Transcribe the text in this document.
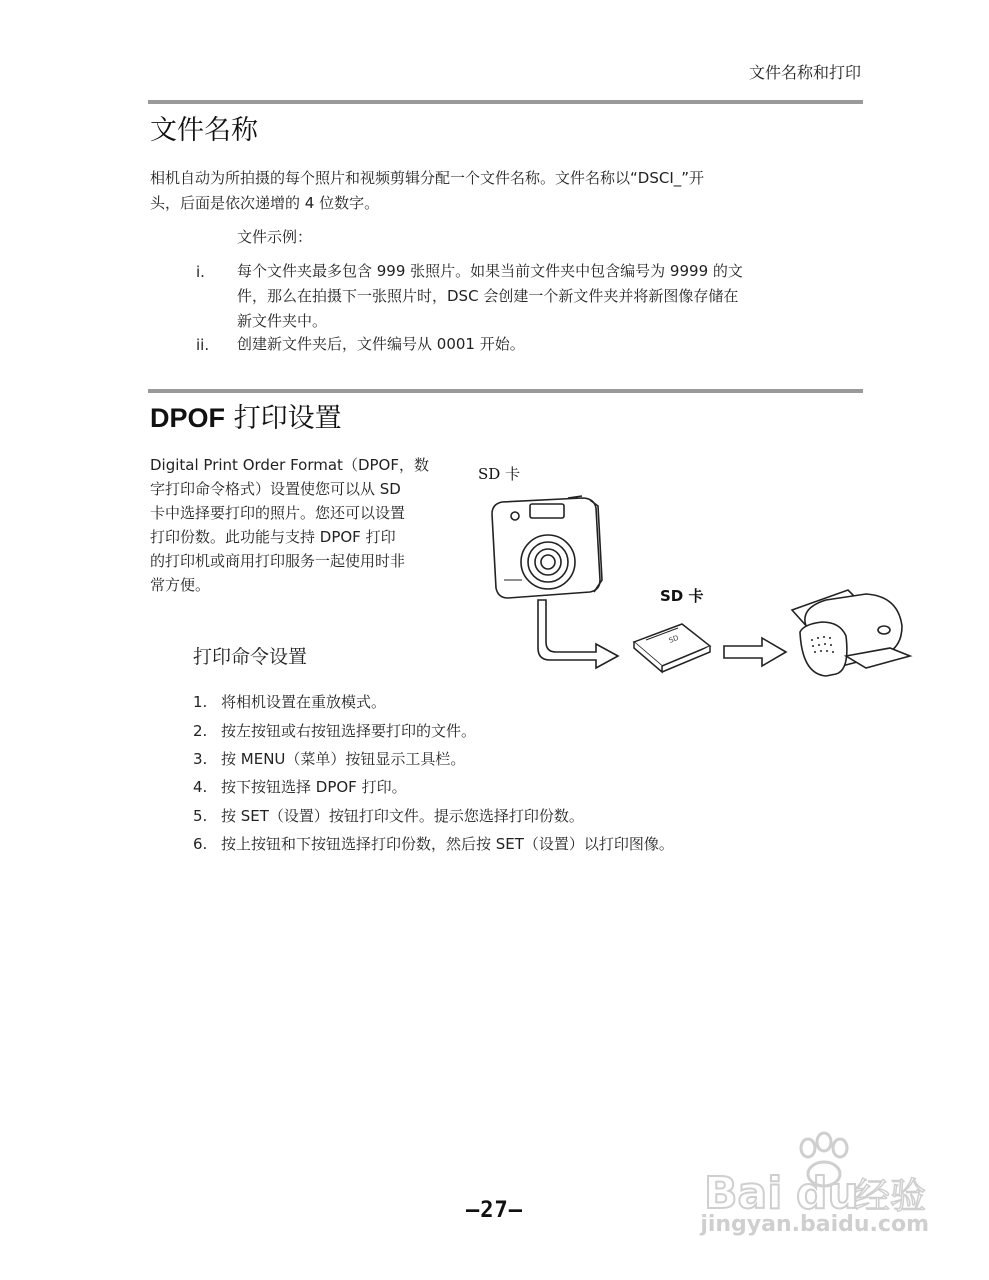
文件名称和打印
文件名称
相机自动为所拍摄的每个照片和视频剪辑分配一个文件名称。文件名称以“DSCI_”开
头，后面是依次递增的 4 位数字。
文件示例：
i. 每个文件夹最多包含 999 张照片。如果当前文件夹中包含编号为 9999 的文
件，那么在拍摄下一张照片时，DSC 会创建一个新文件夹并将新图像存储在
新文件夹中。
ii. 创建新文件夹后，文件编号从 0001 开始。
DPOF 打印设置
Digital Print Order Format（DPOF，数
字打印命令格式）设置使您可以从 SD
卡中选择要打印的照片。您还可以设置
打印份数。此功能与支持 DPOF 打印
的打印机或商用打印服务一起使用时非
常方便。
SD 卡
SD 卡
SD
打印命令设置
1. 将相机设置在重放模式。
2. 按左按钮或右按钮选择要打印的文件。
3. 按 MENU（菜单）按钮显示工具栏。
4. 按下按钮选择 DPOF 打印。
5. 按 SET（设置）按钮打印文件。提示您选择打印份数。
6. 按上按钮和下按钮选择打印份数，然后按 SET（设置）以打印图像。
Bai du
经验
jingyan.baidu.com
–27–
